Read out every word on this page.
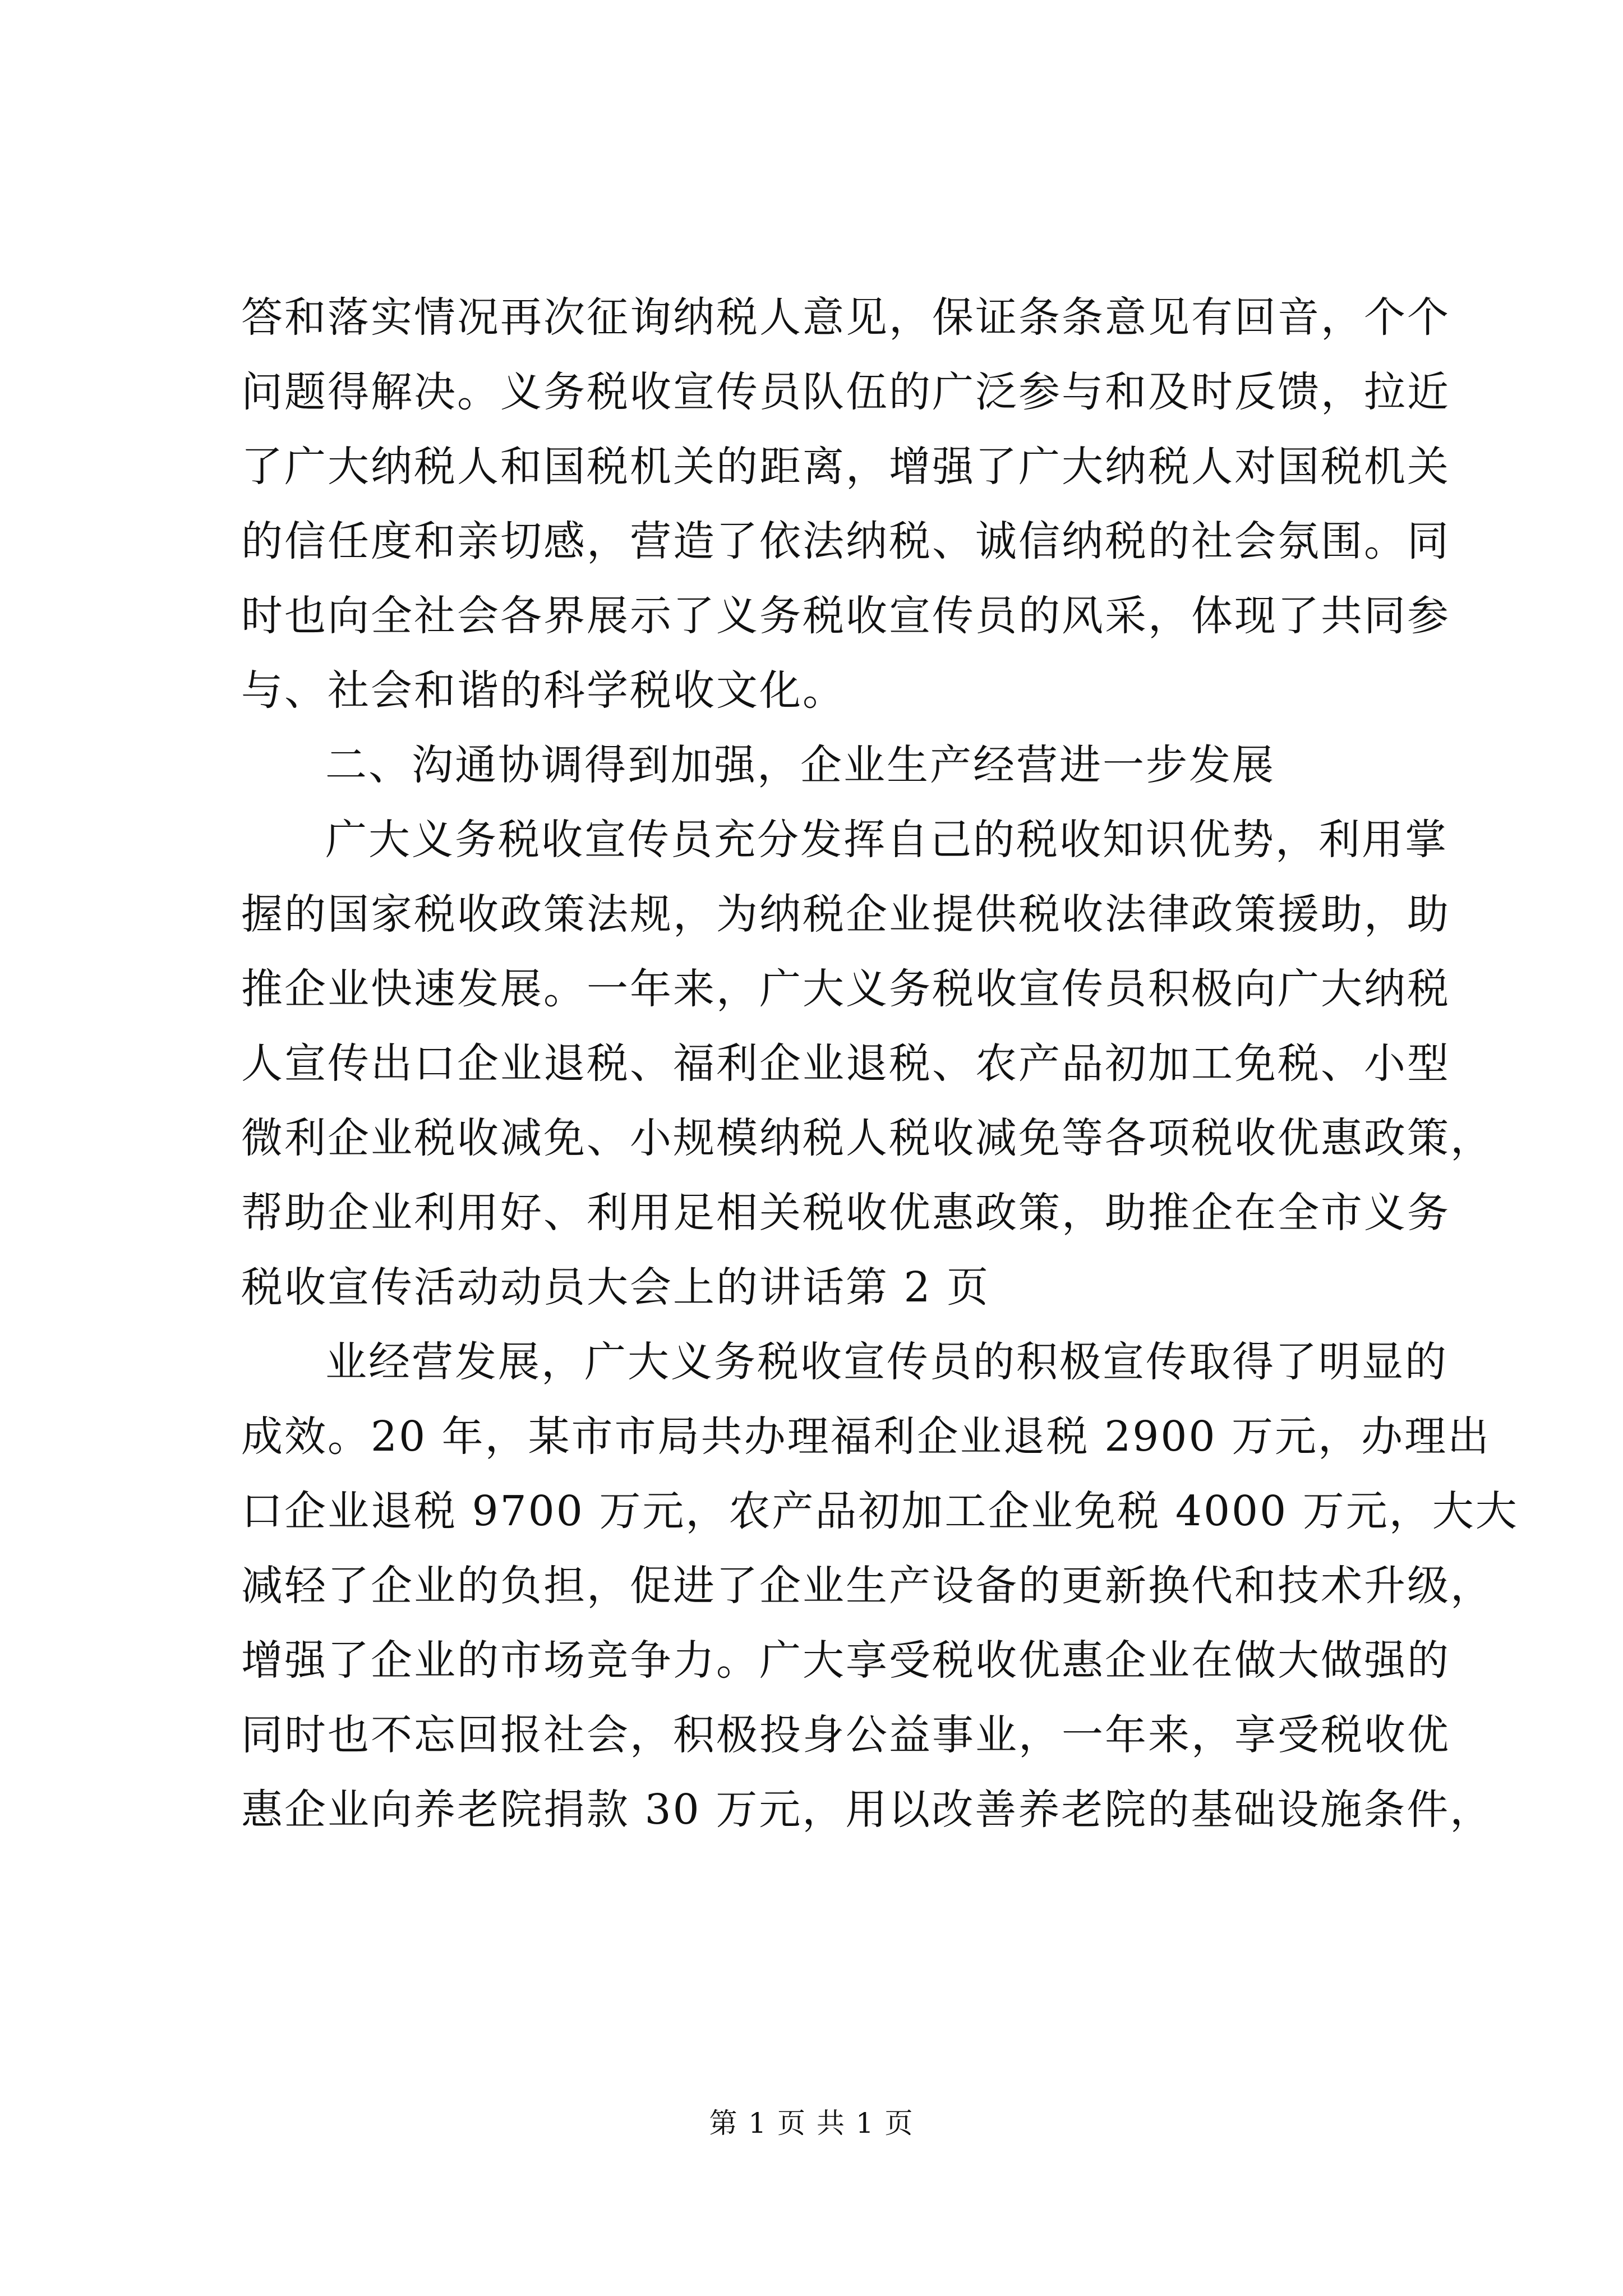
答和落实情况再次征询纳税人意见，保证条条意见有回音，个个
问题得解决。义务税收宣传员队伍的广泛参与和及时反馈，拉近
了广大纳税人和国税机关的距离，增强了广大纳税人对国税机关
的信任度和亲切感，营造了依法纳税、诚信纳税的社会氛围。同
时也向全社会各界展示了义务税收宣传员的风采，体现了共同参
与、社会和谐的科学税收文化。
二、沟通协调得到加强，企业生产经营进一步发展
广大义务税收宣传员充分发挥自己的税收知识优势，利用掌
握的国家税收政策法规，为纳税企业提供税收法律政策援助，助
推企业快速发展。一年来，广大义务税收宣传员积极向广大纳税
人宣传出口企业退税、福利企业退税、农产品初加工免税、小型
微利企业税收减免、小规模纳税人税收减免等各项税收优惠政策，
帮助企业利用好、利用足相关税收优惠政策，助推企在全市义务
税收宣传活动动员大会上的讲话第 2 页
业经营发展，广大义务税收宣传员的积极宣传取得了明显的
成效。20 年，某市市局共办理福利企业退税 2900 万元，办理出
口企业退税 9700 万元，农产品初加工企业免税 4000 万元，大大
减轻了企业的负担，促进了企业生产设备的更新换代和技术升级，
增强了企业的市场竞争力。广大享受税收优惠企业在做大做强的
同时也不忘回报社会，积极投身公益事业，一年来，享受税收优
惠企业向养老院捐款 30 万元，用以改善养老院的基础设施条件，
第 1 页 共 1 页
